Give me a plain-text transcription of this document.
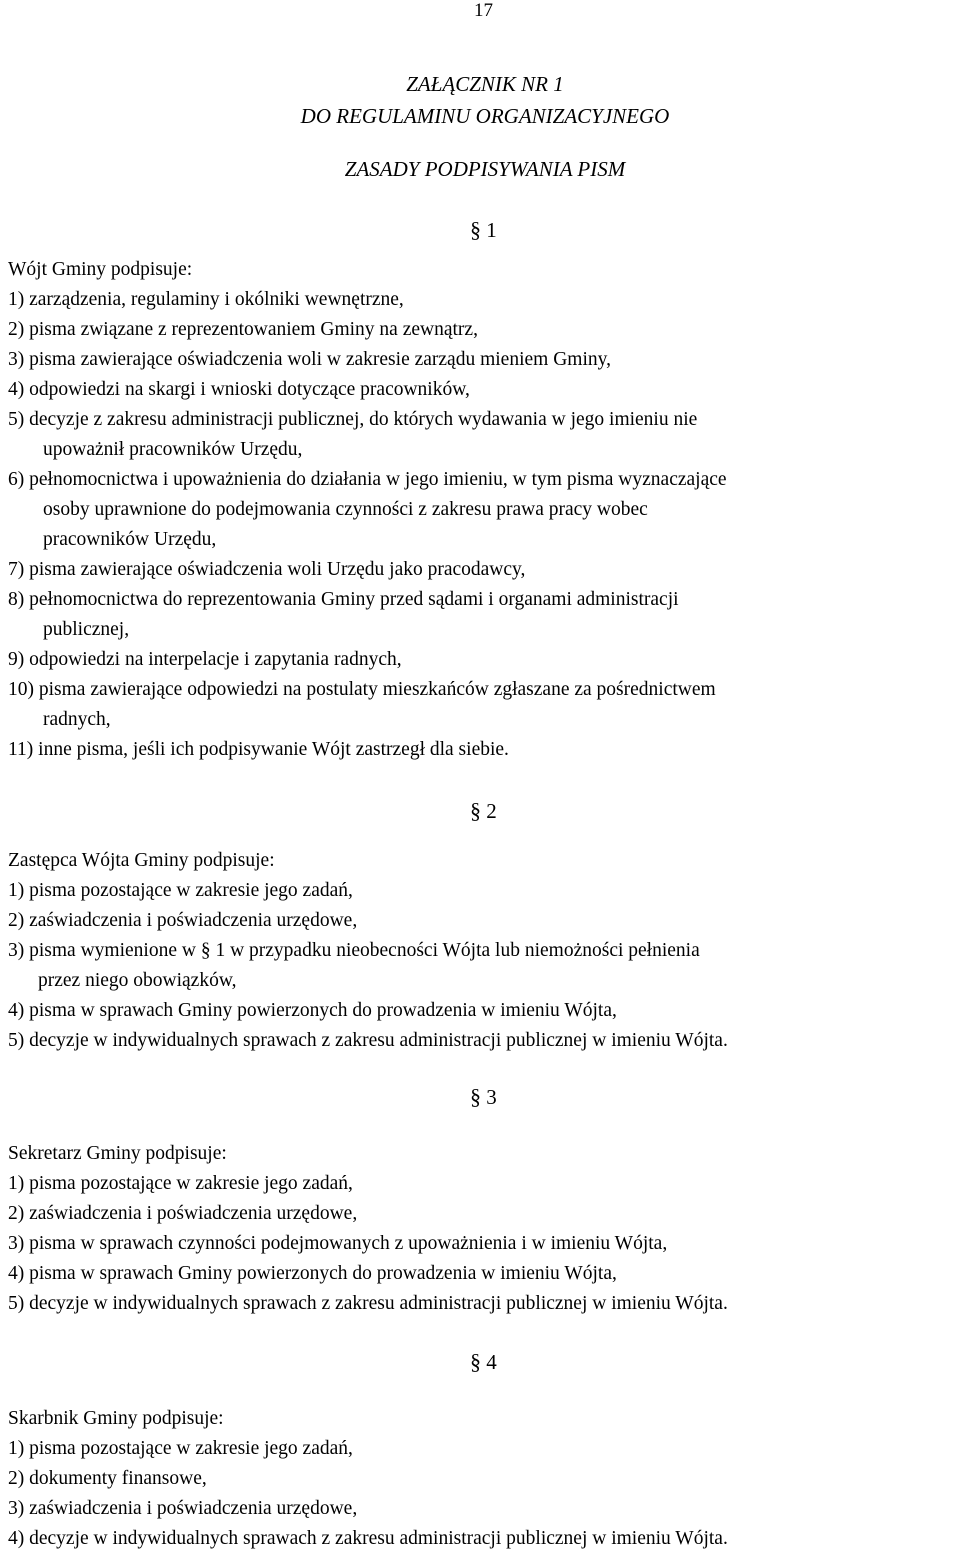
17
ZAŁĄCZNIK NR 1
DO REGULAMINU ORGANIZACYJNEGO
ZASADY PODPISYWANIA PISM
§ 1
Wójt Gminy podpisuje:
1) zarządzenia, regulaminy i okólniki wewnętrzne,
2) pisma związane z reprezentowaniem Gminy na zewnątrz,
3) pisma zawierające oświadczenia woli w zakresie zarządu mieniem Gminy,
4) odpowiedzi na skargi i wnioski dotyczące pracowników,
5) decyzje z zakresu administracji publicznej, do których wydawania w jego imieniu nie
upoważnił pracowników Urzędu,
6) pełnomocnictwa i upoważnienia do działania w jego imieniu, w tym pisma wyznaczające
osoby uprawnione do podejmowania czynności z zakresu prawa pracy wobec
pracowników Urzędu,
7) pisma zawierające oświadczenia woli Urzędu jako pracodawcy,
8) pełnomocnictwa do reprezentowania Gminy przed sądami i organami administracji
publicznej,
9) odpowiedzi na interpelacje i zapytania radnych,
10) pisma zawierające odpowiedzi na postulaty mieszkańców zgłaszane za pośrednictwem
radnych,
11) inne pisma, jeśli ich podpisywanie Wójt zastrzegł dla siebie.
§ 2
Zastępca Wójta Gminy podpisuje:
1) pisma pozostające w zakresie jego zadań,
2) zaświadczenia i poświadczenia urzędowe,
3) pisma wymienione w § 1 w przypadku nieobecności Wójta lub niemożności pełnienia
przez niego obowiązków,
4) pisma w sprawach Gminy powierzonych do prowadzenia w imieniu Wójta,
5) decyzje w indywidualnych sprawach z zakresu administracji publicznej w imieniu Wójta.
§ 3
Sekretarz Gminy podpisuje:
1) pisma pozostające w zakresie jego zadań,
2) zaświadczenia i poświadczenia urzędowe,
3) pisma w sprawach czynności podejmowanych z upoważnienia i w imieniu Wójta,
4) pisma w sprawach Gminy powierzonych do prowadzenia w imieniu Wójta,
5) decyzje w indywidualnych sprawach z zakresu administracji publicznej w imieniu Wójta.
§ 4
Skarbnik Gminy podpisuje:
1) pisma pozostające w zakresie jego zadań,
2) dokumenty finansowe,
3) zaświadczenia i poświadczenia urzędowe,
4) decyzje w indywidualnych sprawach z zakresu administracji publicznej w imieniu Wójta.
